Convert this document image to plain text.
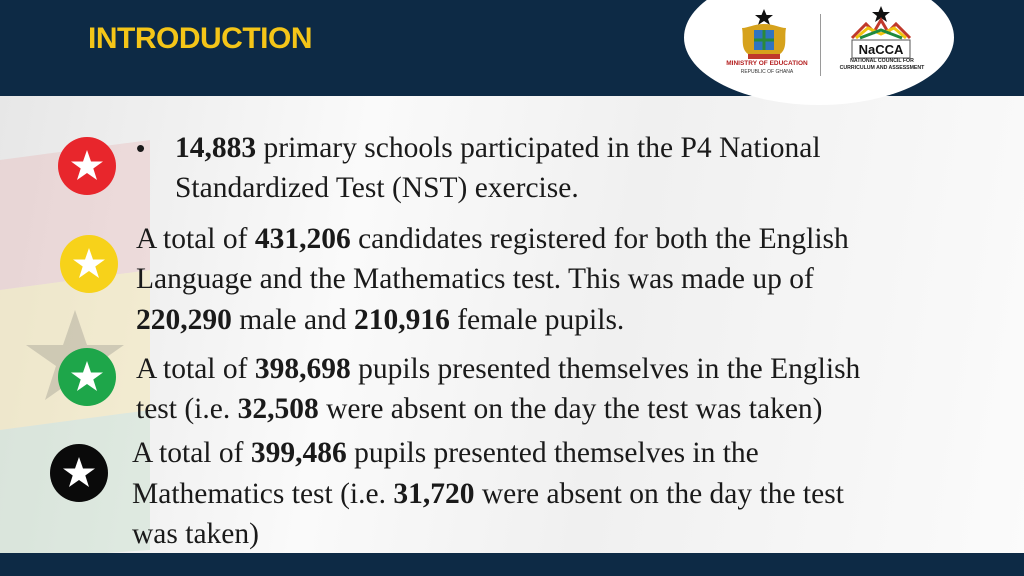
INTRODUCTION
MINISTRY OF EDUCATION
REPUBLIC OF GHANA
NaCCA
NATIONAL COUNCIL FOR
CURRICULUM AND ASSESSMENT
• 14,883 primary schools participated in the P4 National
Standardized Test (NST) exercise.
A total of 431,206 candidates registered for both the English
Language and the Mathematics test. This was made up of
220,290 male and 210,916 female pupils.
A total of 398,698 pupils presented themselves in the English
test (i.e. 32,508 were absent on the day the test was taken)
A total of 399,486 pupils presented themselves in the
Mathematics test (i.e. 31,720 were absent on the day the test
was taken)
